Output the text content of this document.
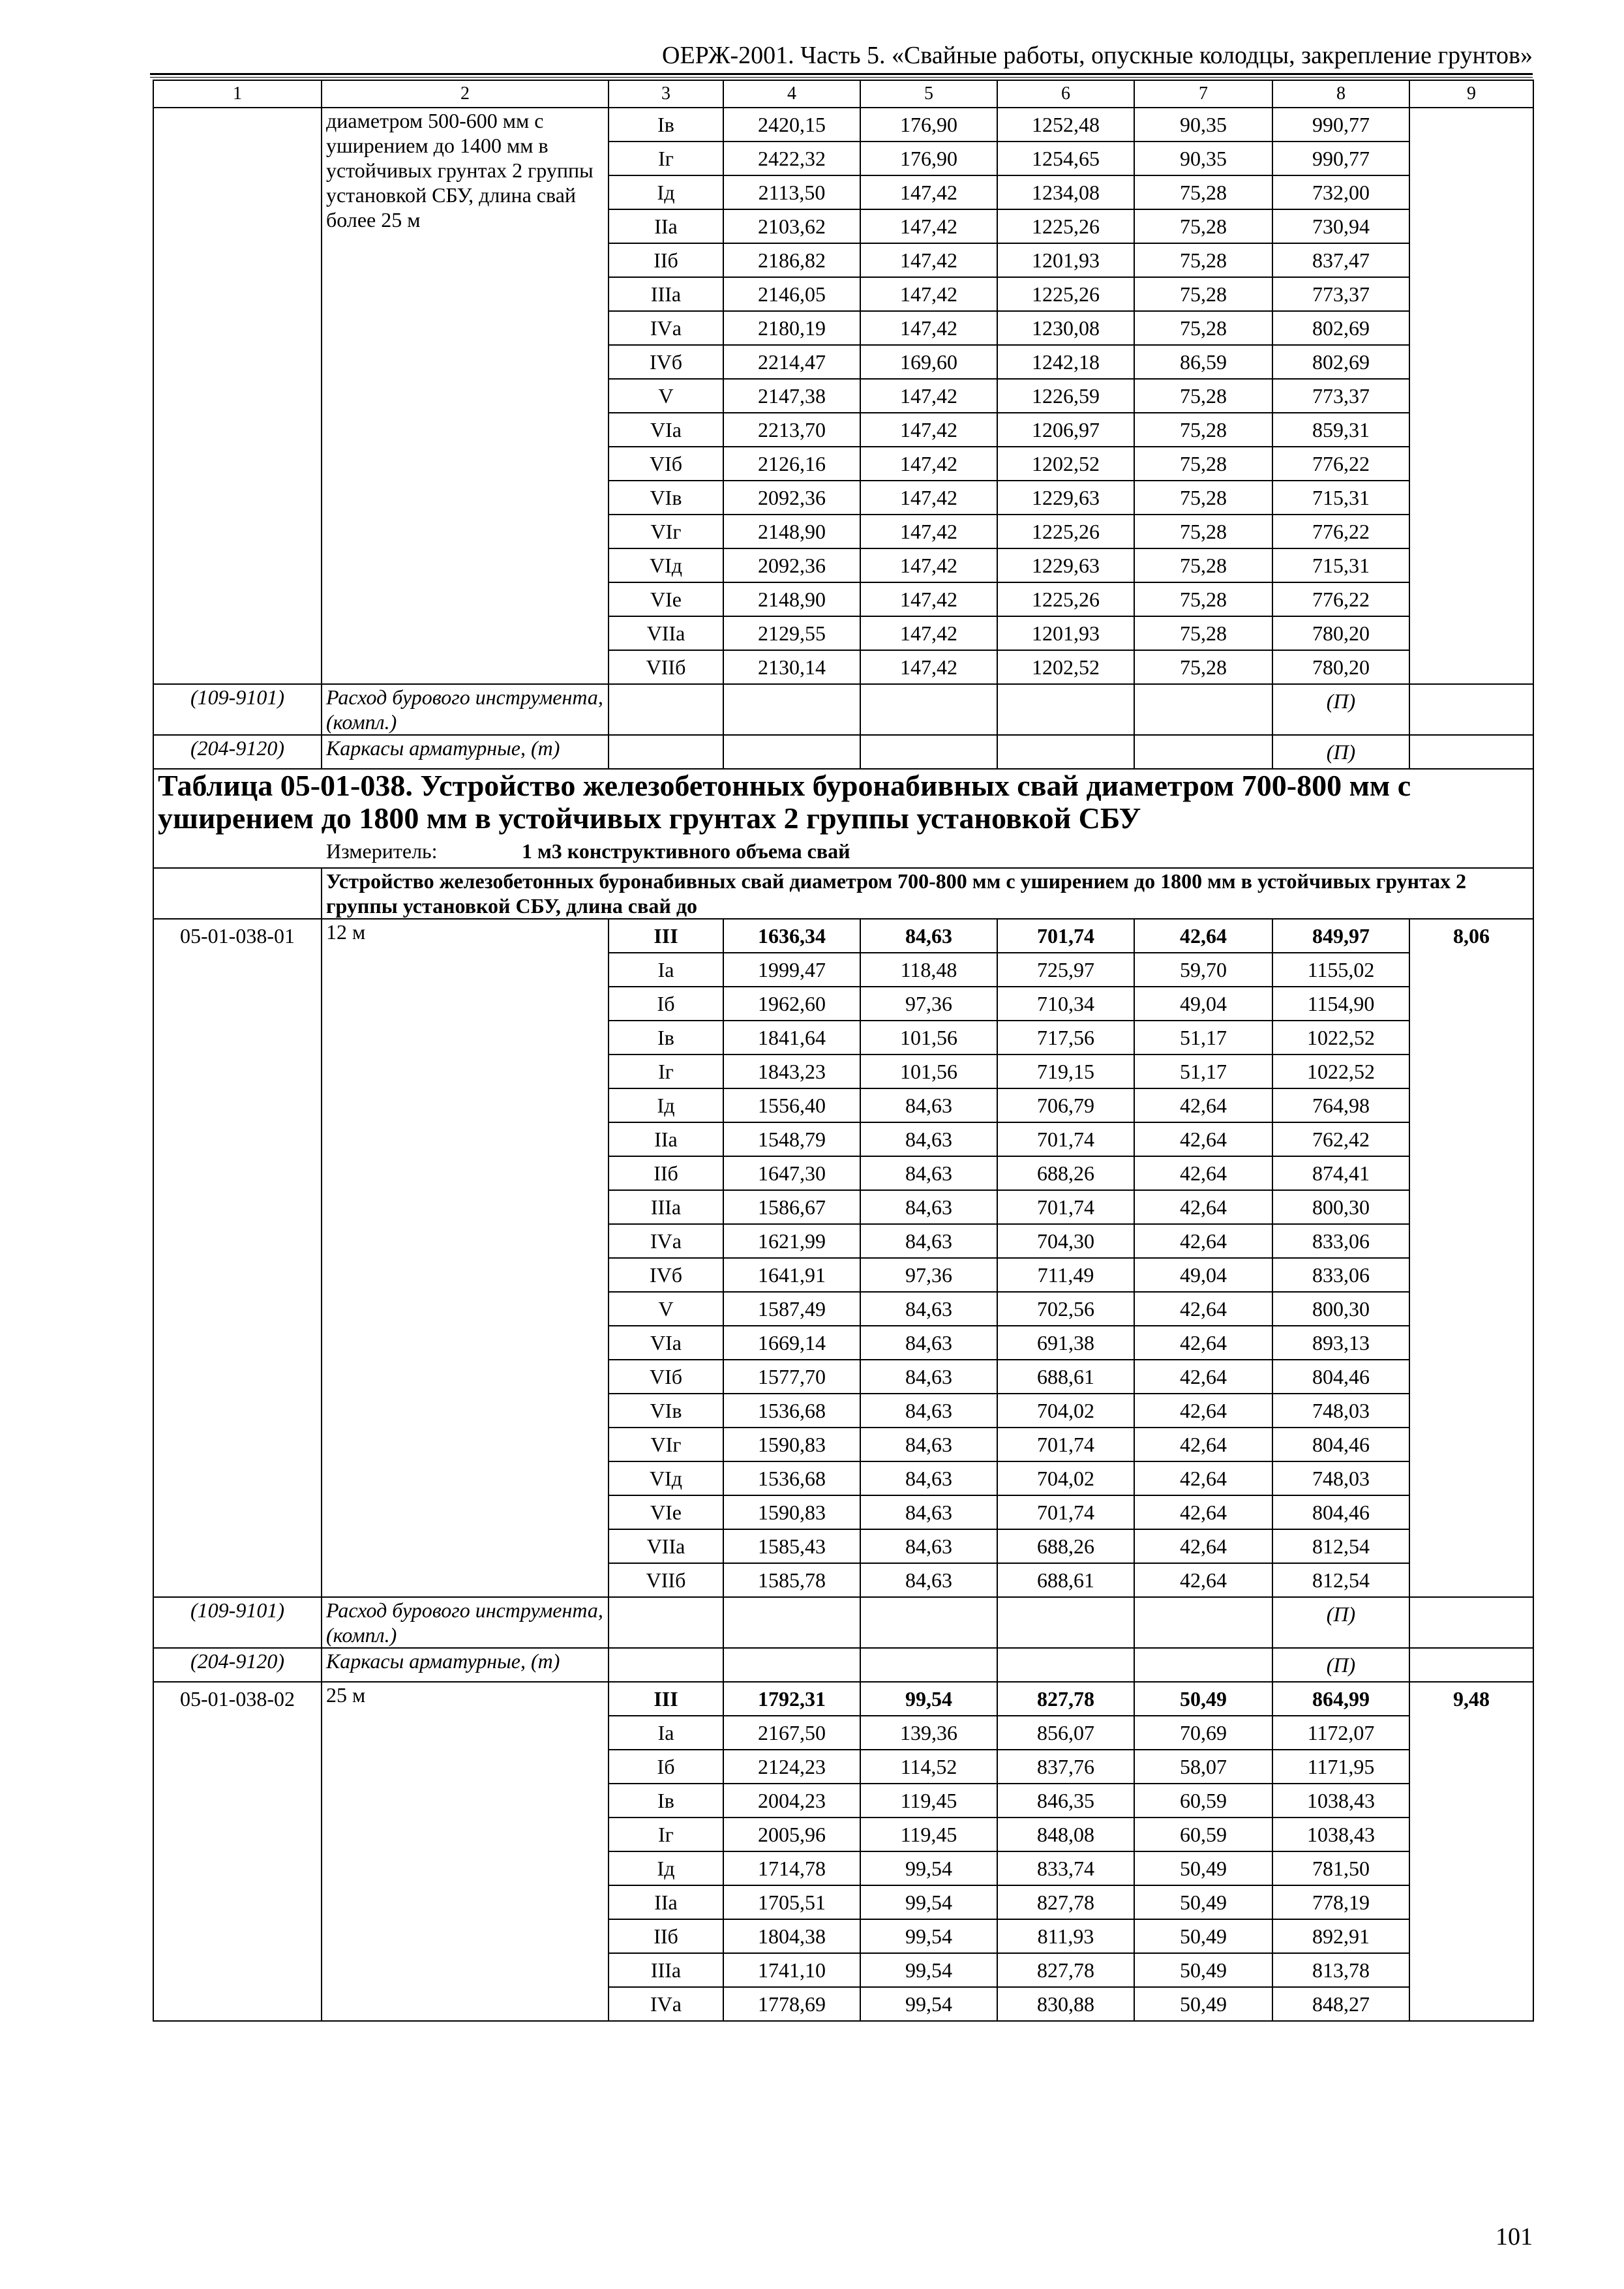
ОЕРЖ-2001. Часть 5. «Свайные работы, опускные колодцы, закрепление грунтов»
1	2	3	4	5	6	7	8	9
	диаметром 500-600 мм с уширением до 1400 мм в устойчивых грунтах 2 группы установкой СБУ, длина свай более 25 м	Iв	2420,15	176,90	1252,48	90,35	990,77	
		Iг	2422,32	176,90	1254,65	90,35	990,77	
		Iд	2113,50	147,42	1234,08	75,28	732,00	
		IIа	2103,62	147,42	1225,26	75,28	730,94	
		IIб	2186,82	147,42	1201,93	75,28	837,47	
		IIIа	2146,05	147,42	1225,26	75,28	773,37	
		IVа	2180,19	147,42	1230,08	75,28	802,69	
		IVб	2214,47	169,60	1242,18	86,59	802,69	
		V	2147,38	147,42	1226,59	75,28	773,37	
		VIа	2213,70	147,42	1206,97	75,28	859,31	
		VIб	2126,16	147,42	1202,52	75,28	776,22	
		VIв	2092,36	147,42	1229,63	75,28	715,31	
		VIг	2148,90	147,42	1225,26	75,28	776,22	
		VIд	2092,36	147,42	1229,63	75,28	715,31	
		VIе	2148,90	147,42	1225,26	75,28	776,22	
		VIIа	2129,55	147,42	1201,93	75,28	780,20	
		VIIб	2130,14	147,42	1202,52	75,28	780,20	
(109-9101)	Расход бурового инструмента, (компл.)						(П)	
(204-9120)	Каркасы арматурные, (т)						(П)	
Таблица 05-01-038. Устройство железобетонных буронабивных свай диаметром 700-800 мм с уширением до 1800 мм в устойчивых грунтах 2 группы установкой СБУ								
Измеритель: 1 м3 конструктивного объема свай								
	Устройство железобетонных буронабивных свай диаметром 700-800 мм с уширением до 1800 мм в устойчивых грунтах 2 группы установкой СБУ, длина свай до							
05-01-038-01	12 м	III	1636,34	84,63	701,74	42,64	849,97	8,06
		Iа	1999,47	118,48	725,97	59,70	1155,02	
		Iб	1962,60	97,36	710,34	49,04	1154,90	
		Iв	1841,64	101,56	717,56	51,17	1022,52	
		Iг	1843,23	101,56	719,15	51,17	1022,52	
		Iд	1556,40	84,63	706,79	42,64	764,98	
		IIа	1548,79	84,63	701,74	42,64	762,42	
		IIб	1647,30	84,63	688,26	42,64	874,41	
		IIIа	1586,67	84,63	701,74	42,64	800,30	
		IVа	1621,99	84,63	704,30	42,64	833,06	
		IVб	1641,91	97,36	711,49	49,04	833,06	
		V	1587,49	84,63	702,56	42,64	800,30	
		VIа	1669,14	84,63	691,38	42,64	893,13	
		VIб	1577,70	84,63	688,61	42,64	804,46	
		VIв	1536,68	84,63	704,02	42,64	748,03	
		VIг	1590,83	84,63	701,74	42,64	804,46	
		VIд	1536,68	84,63	704,02	42,64	748,03	
		VIе	1590,83	84,63	701,74	42,64	804,46	
		VIIа	1585,43	84,63	688,26	42,64	812,54	
		VIIб	1585,78	84,63	688,61	42,64	812,54	
(109-9101)	Расход бурового инструмента, (компл.)						(П)	
(204-9120)	Каркасы арматурные, (т)						(П)	
05-01-038-02	25 м	III	1792,31	99,54	827,78	50,49	864,99	9,48
		Iа	2167,50	139,36	856,07	70,69	1172,07	
		Iб	2124,23	114,52	837,76	58,07	1171,95	
		Iв	2004,23	119,45	846,35	60,59	1038,43	
		Iг	2005,96	119,45	848,08	60,59	1038,43	
		Iд	1714,78	99,54	833,74	50,49	781,50	
		IIа	1705,51	99,54	827,78	50,49	778,19	
		IIб	1804,38	99,54	811,93	50,49	892,91	
		IIIа	1741,10	99,54	827,78	50,49	813,78	
		IVа	1778,69	99,54	830,88	50,49	848,27	
101
